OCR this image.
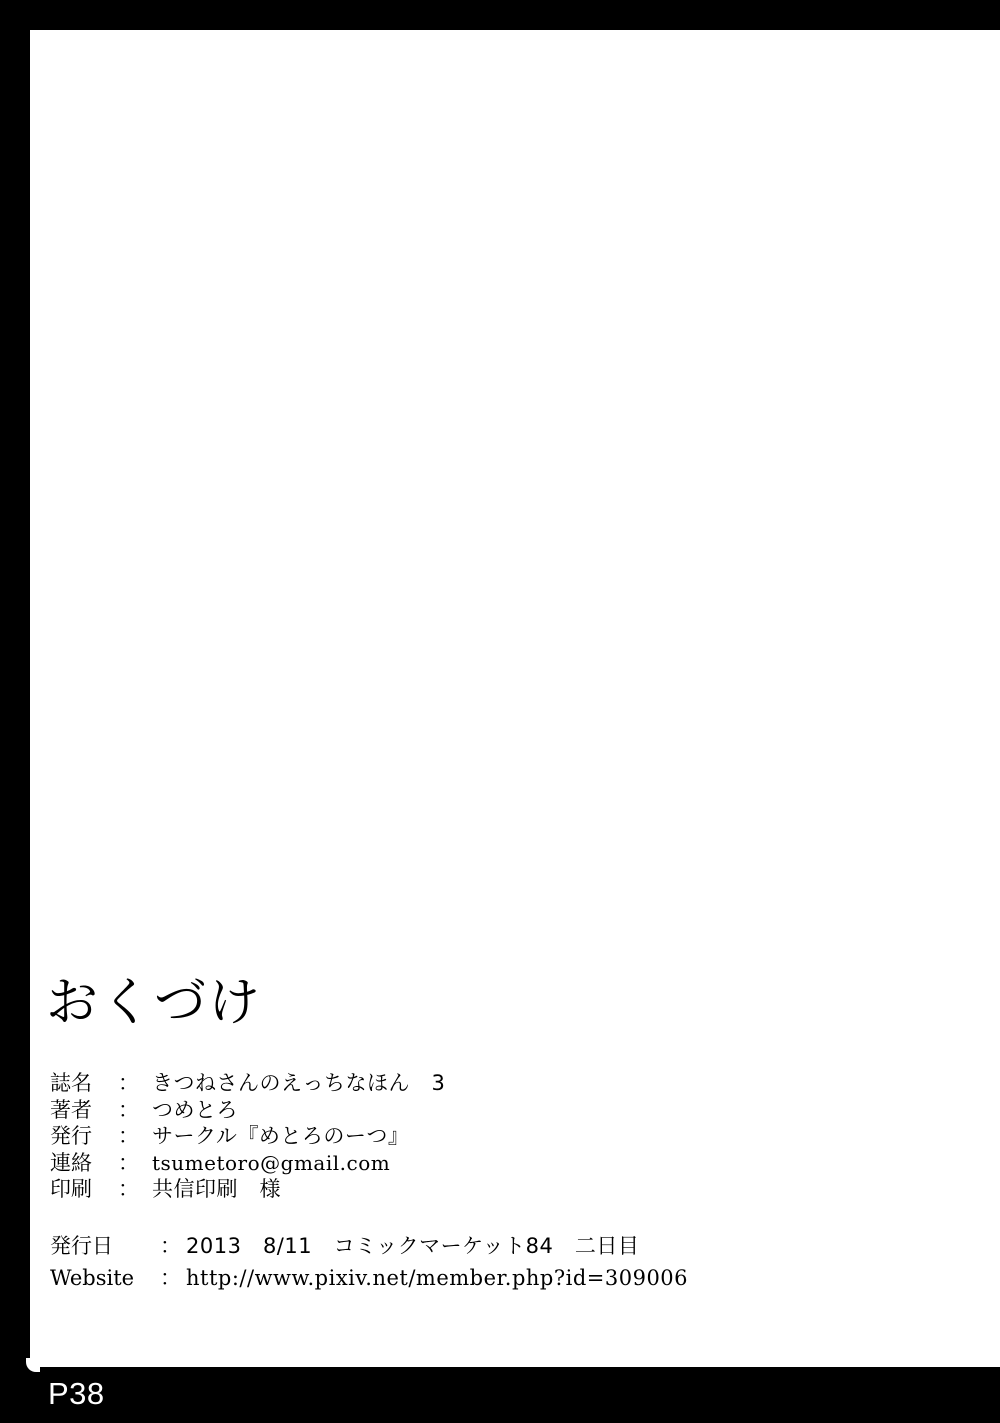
P38
おくづけ
誌名	： きつねさんのえっちなほん　3
著者	： つめとろ
発行	： サークル『めとろのーつ』
連絡	： tsumetoro@gmail.com
印刷	： 共信印刷　様
発行日	： 2013　8/11　コミックマーケット84　二日目
Website	： http://www.pixiv.net/member.php?id=309006
